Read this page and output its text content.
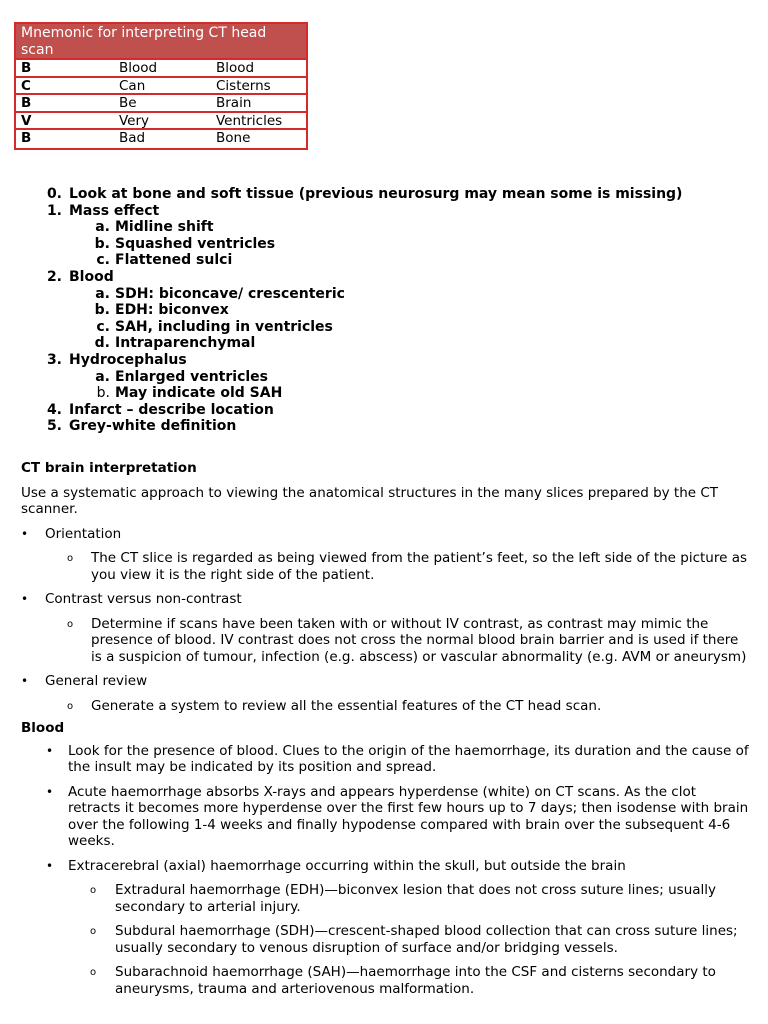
Mnemonic for interpreting CT head scan
B	Blood	Blood
C	Can	Cisterns
B	Be	Brain
V	Very	Ventricles
B	Bad	Bone
0. Look at bone and soft tissue (previous neurosurg may mean some is missing)
1. Mass effect
a. Midline shift
b. Squashed ventricles
c. Flattened sulci
2. Blood
a. SDH: biconcave/ crescenteric
b. EDH: biconvex
c. SAH, including in ventricles
d. Intraparenchymal
3. Hydrocephalus
a. Enlarged ventricles
b. May indicate old SAH
4. Infarct – describe location
5. Grey-white definition

CT brain interpretation

Use a systematic approach to viewing the anatomical structures in the many slices prepared by the CT scanner.

• Orientation
o The CT slice is regarded as being viewed from the patient’s feet, so the left side of the picture as you view it is the right side of the patient.
• Contrast versus non-contrast
o Determine if scans have been taken with or without IV contrast, as contrast may mimic the presence of blood. IV contrast does not cross the normal blood brain barrier and is used if there is a suspicion of tumour, infection (e.g. abscess) or vascular abnormality (e.g. AVM or aneurysm)
• General review
o Generate a system to review all the essential features of the CT head scan.

Blood

• Look for the presence of blood. Clues to the origin of the haemorrhage, its duration and the cause of the insult may be indicated by its position and spread.
• Acute haemorrhage absorbs X-rays and appears hyperdense (white) on CT scans. As the clot retracts it becomes more hyperdense over the first few hours up to 7 days; then isodense with brain over the following 1-4 weeks and finally hypodense compared with brain over the subsequent 4-6 weeks.
• Extracerebral (axial) haemorrhage occurring within the skull, but outside the brain
o Extradural haemorrhage (EDH)—biconvex lesion that does not cross suture lines; usually secondary to arterial injury.
o Subdural haemorrhage (SDH)—crescent-shaped blood collection that can cross suture lines; usually secondary to venous disruption of surface and/or bridging vessels.
o Subarachnoid haemorrhage (SAH)—haemorrhage into the CSF and cisterns secondary to aneurysms, trauma and arteriovenous malformation.
